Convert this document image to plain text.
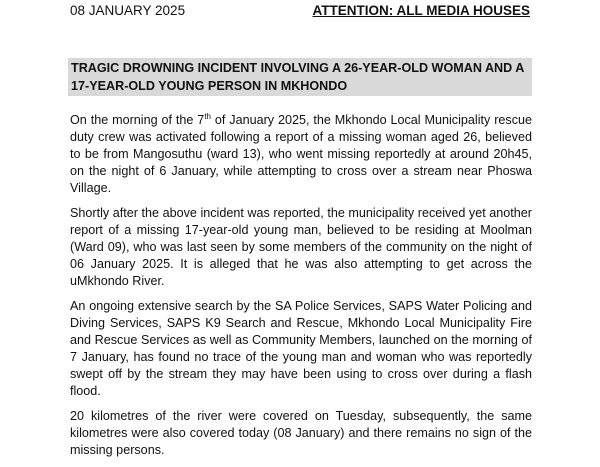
08 JANUARY 2025	ATTENTION: ALL MEDIA HOUSES

TRAGIC DROWNING INCIDENT INVOLVING A 26-YEAR-OLD WOMAN AND A
17-YEAR-OLD YOUNG PERSON IN MKHONDO

On the morning of the 7th of January 2025, the Mkhondo Local Municipality rescue duty crew was activated following a report of a missing woman aged 26, believed to be from Mangosuthu (ward 13), who went missing reportedly at around 20h45, on the night of 6 January, while attempting to cross over a stream near Phoswa Village.

Shortly after the above incident was reported, the municipality received yet another report of a missing 17-year-old young man, believed to be residing at Moolman (Ward 09), who was last seen by some members of the community on the night of 06 January 2025. It is alleged that he was also attempting to get across the uMkhondo River.

An ongoing extensive search by the SA Police Services, SAPS Water Policing and Diving Services, SAPS K9 Search and Rescue, Mkhondo Local Municipality Fire and Rescue Services as well as Community Members, launched on the morning of 7 January, has found no trace of the young man and woman who was reportedly swept off by the stream they may have been using to cross over during a flash flood.

20 kilometres of the river were covered on Tuesday, subsequently, the same kilometres were also covered today (08 January) and there remains no sign of the missing persons.
